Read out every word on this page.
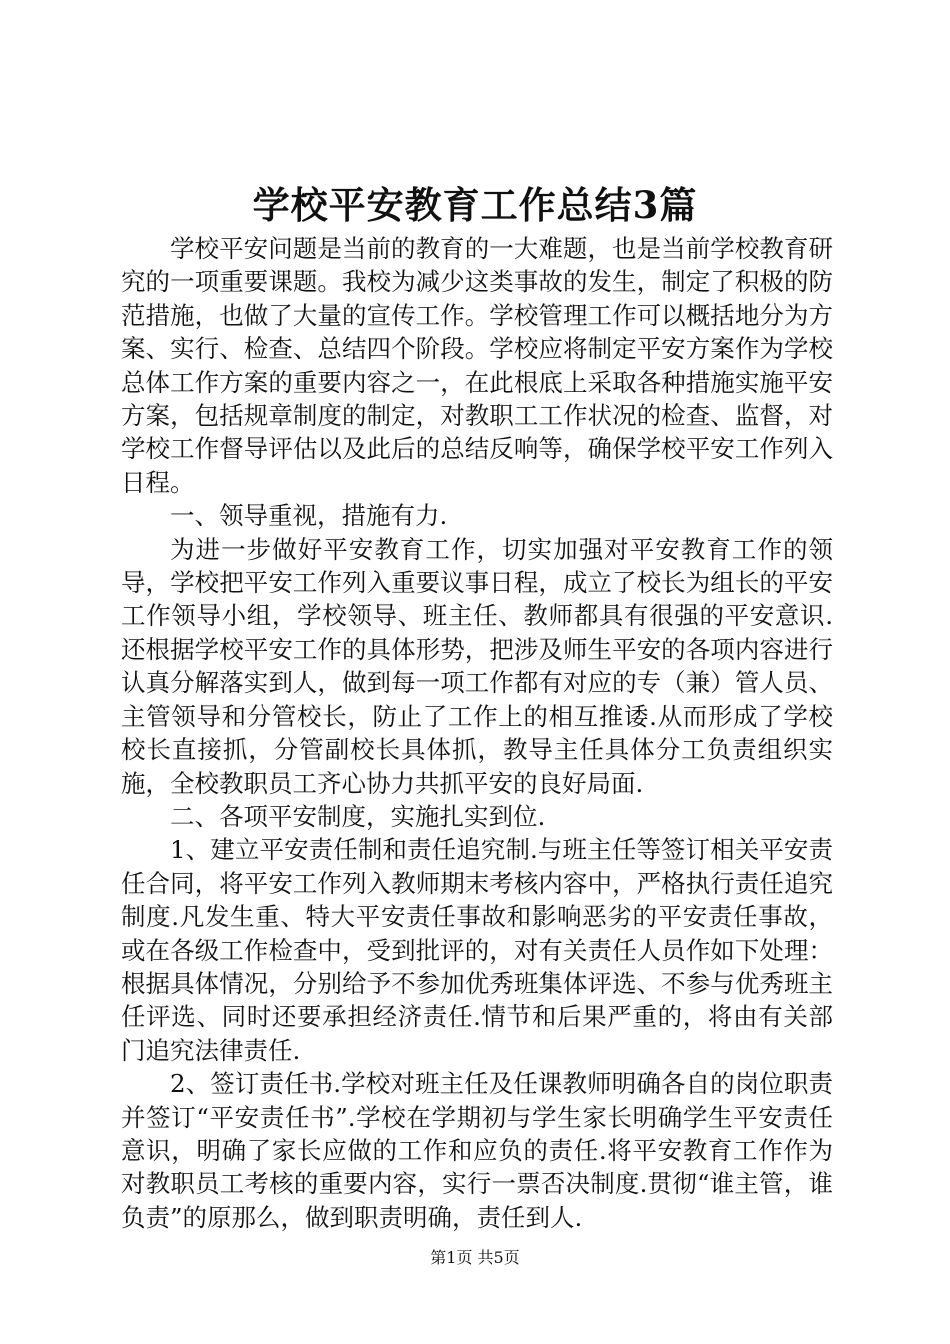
学校平安教育工作总结3篇

学校平安问题是当前的教育的一大难题，也是当前学校教育研究的一项重要课题。我校为减少这类事故的发生，制定了积极的防范措施，也做了大量的宣传工作。学校管理工作可以概括地分为方案、实行、检查、总结四个阶段。学校应将制定平安方案作为学校总体工作方案的重要内容之一，在此根底上采取各种措施实施平安方案，包括规章制度的制定，对教职工工作状况的检查、监督，对学校工作督导评估以及此后的总结反响等，确保学校平安工作列入日程。

一、领导重视，措施有力.

为进一步做好平安教育工作，切实加强对平安教育工作的领导，学校把平安工作列入重要议事日程，成立了校长为组长的平安工作领导小组，学校领导、班主任、教师都具有很强的平安意识.还根据学校平安工作的具体形势，把涉及师生平安的各项内容进行认真分解落实到人，做到每一项工作都有对应的专（兼）管人员、主管领导和分管校长，防止了工作上的相互推诿.从而形成了学校校长直接抓，分管副校长具体抓，教导主任具体分工负责组织实施，全校教职员工齐心协力共抓平安的良好局面.

二、各项平安制度，实施扎实到位.

1、建立平安责任制和责任追究制.与班主任等签订相关平安责任合同，将平安工作列入教师期末考核内容中，严格执行责任追究制度.凡发生重、特大平安责任事故和影响恶劣的平安责任事故，或在各级工作检查中，受到批评的，对有关责任人员作如下处理：根据具体情况，分别给予不参加优秀班集体评选、不参与优秀班主任评选、同时还要承担经济责任.情节和后果严重的，将由有关部门追究法律责任.

2、签订责任书.学校对班主任及任课教师明确各自的岗位职责并签订“平安责任书”.学校在学期初与学生家长明确学生平安责任意识，明确了家长应做的工作和应负的责任.将平安教育工作作为对教职员工考核的重要内容，实行一票否决制度.贯彻“谁主管，谁负责”的原那么，做到职责明确，责任到人.

第1页 共5页
